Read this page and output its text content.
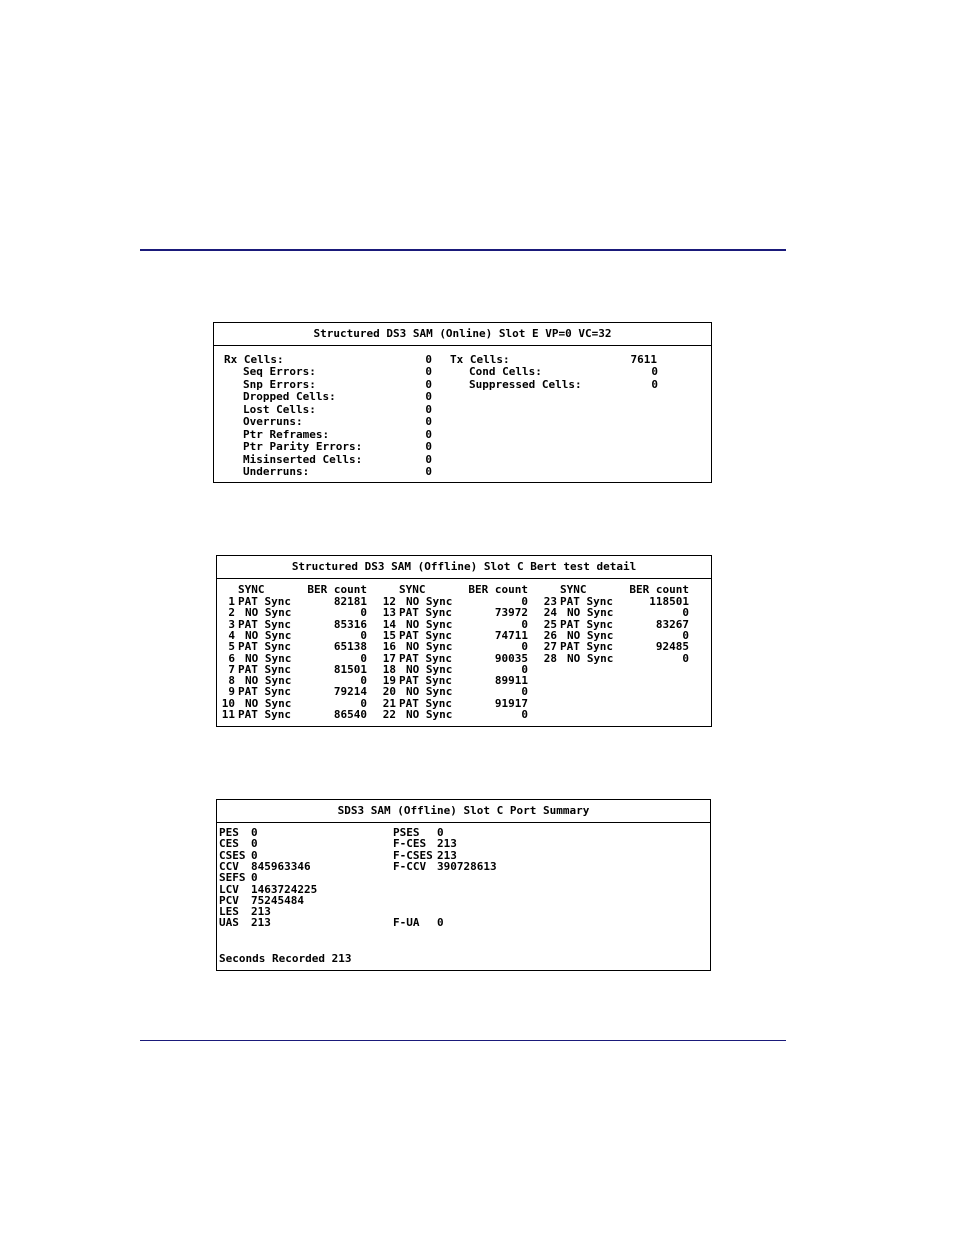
Structured DS3 SAM (Online) Slot E VP=0 VC=32
Rx Cells:	0
Seq Errors:	0
Snp Errors:	0
Dropped Cells:	0
Lost Cells:	0
Overruns:	0
Ptr Reframes:	0
Ptr Parity Errors:	0
Misinserted Cells:	0
Underruns:	0
Tx Cells:	7611
Cond Cells:	0
Suppressed Cells:	0
Structured DS3 SAM (Offline) Slot C Bert test detail
SYNC	BER count	SYNC	BER count	SYNC	BER count
1 PAT Sync	82181
2 NO Sync	0
3 PAT Sync	85316
4 NO Sync	0
5 PAT Sync	65138
6 NO Sync	0
7 PAT Sync	81501
8 NO Sync	0
9 PAT Sync	79214
10 NO Sync	0
11 PAT Sync	86540
12 NO Sync	0
13 PAT Sync	73972
14 NO Sync	0
15 PAT Sync	74711
16 NO Sync	0
17 PAT Sync	90035
18 NO Sync	0
19 PAT Sync	89911
20 NO Sync	0
21 PAT Sync	91917
22 NO Sync	0
23 PAT Sync	118501
24 NO Sync	0
25 PAT Sync	83267
26 NO Sync	0
27 PAT Sync	92485
28 NO Sync	0
SDS3 SAM (Offline) Slot C Port Summary
PES 0
CES 0
CSES 0
CCV 845963346
SEFS 0
LCV 1463724225
PCV 75245484
LES 213
UAS 213
PSES 0
F-CES 213
F-CSES 213
F-CCV 390728613
F-UA 0
Seconds Recorded 213
